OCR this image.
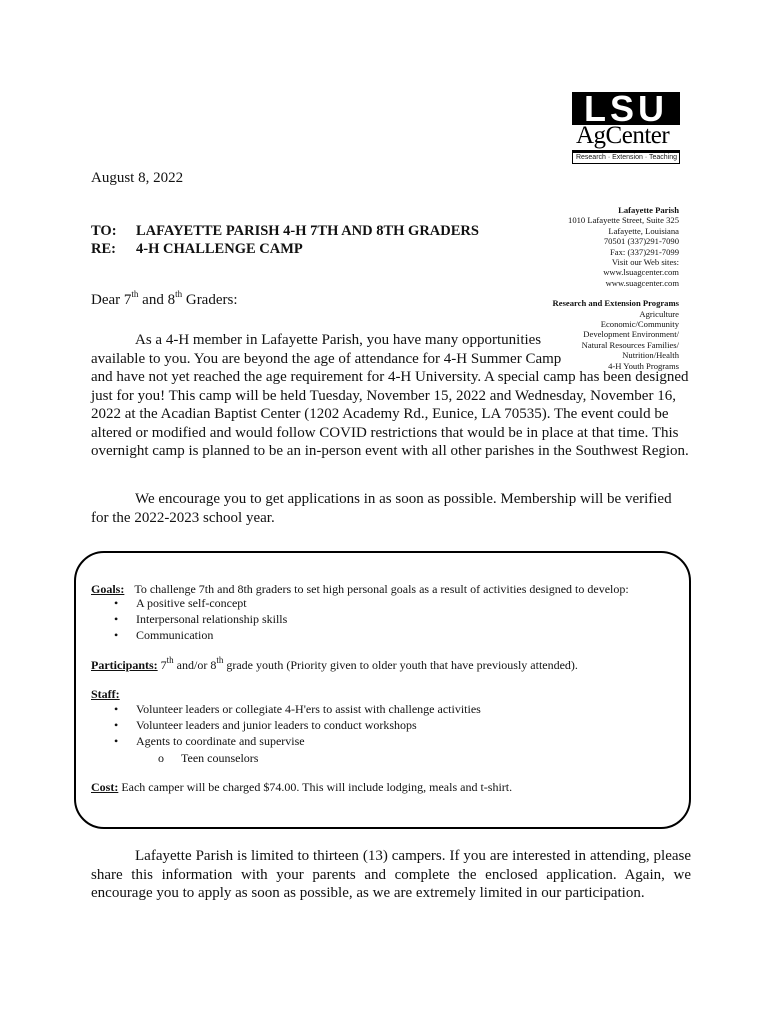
LSU
AgCenter
Research · Extension · Teaching
August 8, 2022
TO: LAFAYETTE PARISH 4-H 7TH AND 8TH GRADERS
RE: 4-H CHALLENGE CAMP
Lafayette Parish
1010 Lafayette Street, Suite 325
Lafayette, Louisiana
70501 (337)291-7090
Fax: (337)291-7099
Visit our Web sites:
www.lsuagcenter.com
www.suagcenter.com
Research and Extension Programs Agriculture
Economic/Community
Development Environment/
Natural Resources Families/
Nutrition/Health
4-H Youth Programs
Dear 7th and 8th Graders:
As a 4-H member in Lafayette Parish, you have many opportunities
available to you. You are beyond the age of attendance for 4-H Summer Camp
and have not yet reached the age requirement for 4-H University. A special camp has been designed just for you! This camp will be held Tuesday, November 15, 2022 and Wednesday, November 16, 2022 at the Acadian Baptist Center (1202 Academy Rd., Eunice, LA 70535). The event could be altered or modified and would follow COVID restrictions that would be in place at that time. This overnight camp is planned to be an in-person event with all other parishes in the Southwest Region.
We encourage you to get applications in as soon as possible. Membership will be verified for the 2022-2023 school year.
Goals: To challenge 7th and 8th graders to set high personal goals as a result of activities designed to develop:
• A positive self-concept
• Interpersonal relationship skills
• Communication
Participants: 7th and/or 8th grade youth (Priority given to older youth that have previously attended).
Staff:
• Volunteer leaders or collegiate 4-H'ers to assist with challenge activities
• Volunteer leaders and junior leaders to conduct workshops
• Agents to coordinate and supervise
o Teen counselors
Cost: Each camper will be charged $74.00. This will include lodging, meals and t-shirt.
Lafayette Parish is limited to thirteen (13) campers. If you are interested in attending, please share this information with your parents and complete the enclosed application. Again, we encourage you to apply as soon as possible, as we are extremely limited in our participation.
